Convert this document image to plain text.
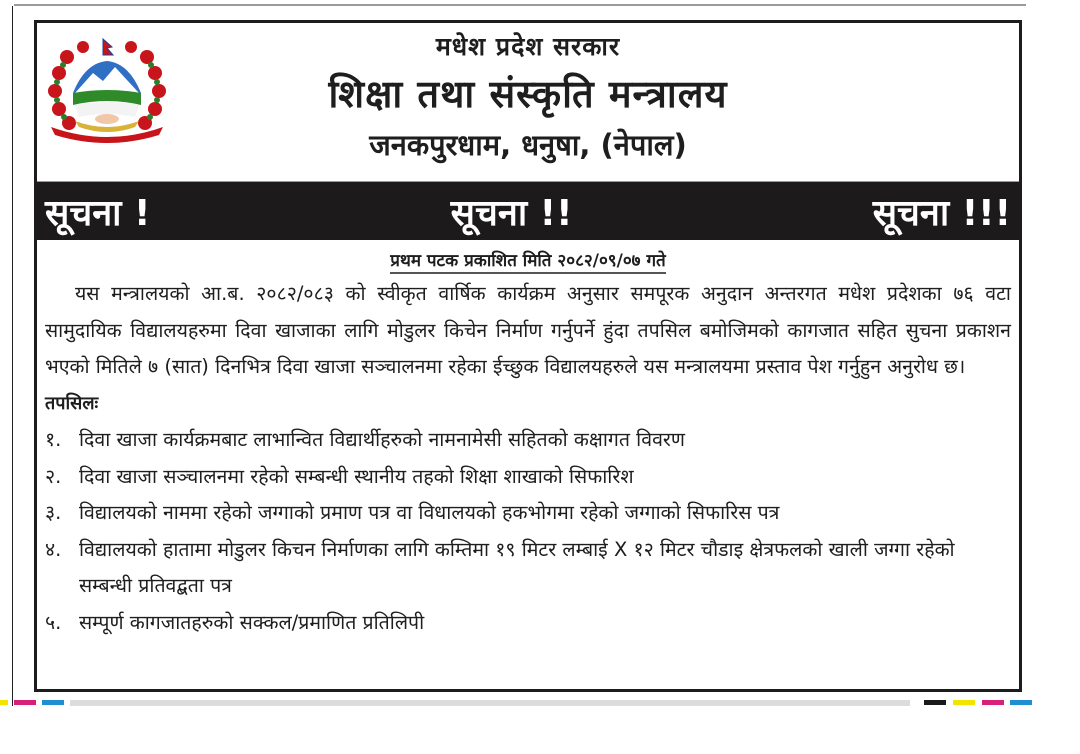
मधेश प्रदेश सरकार
शिक्षा तथा संस्कृति मन्त्रालय
जनकपुरधाम, धनुषा, (नेपाल)
सूचना !	सूचना !!	सूचना !!!
प्रथम पटक प्रकाशित मिति २०८२/०९/०७ गते

यस मन्त्रालयको आ.ब. २०८२/०८३ को स्वीकृत वार्षिक कार्यक्रम अनुसार समपूरक अनुदान अन्तरगत मधेश प्रदेशका ७६ वटा सामुदायिक विद्यालयहरुमा दिवा खाजाका लागि मोडुलर किचेन निर्माण गर्नुपर्ने हुंदा तपसिल बमोजिमको कागजात सहित सुचना प्रकाशन भएको मितिले ७ (सात) दिनभित्र दिवा खाजा सञ्चालनमा रहेका ईच्छुक विद्यालयहरुले यस मन्त्रालयमा प्रस्ताव पेश गर्नुहुन अनुरोध छ।

तपसिलः

१. दिवा खाजा कार्यक्रमबाट लाभान्वित विद्यार्थीहरुको नामनामेसी सहितको कक्षागत विवरण
२. दिवा खाजा सञ्चालनमा रहेको सम्बन्धी स्थानीय तहको शिक्षा शाखाको सिफारिश
३. विद्यालयको नाममा रहेको जग्गाको प्रमाण पत्र वा विधालयको हकभोगमा रहेको जग्गाको सिफारिस पत्र
४. विद्यालयको हातामा मोडुलर किचन निर्माणका लागि कम्तिमा १९ मिटर लम्बाई X १२ मिटर चौडाइ क्षेत्रफलको खाली जग्गा रहेको सम्बन्धी प्रतिवद्बता पत्र
५. सम्पूर्ण कागजातहरुको सक्कल/प्रमाणित प्रतिलिपी
